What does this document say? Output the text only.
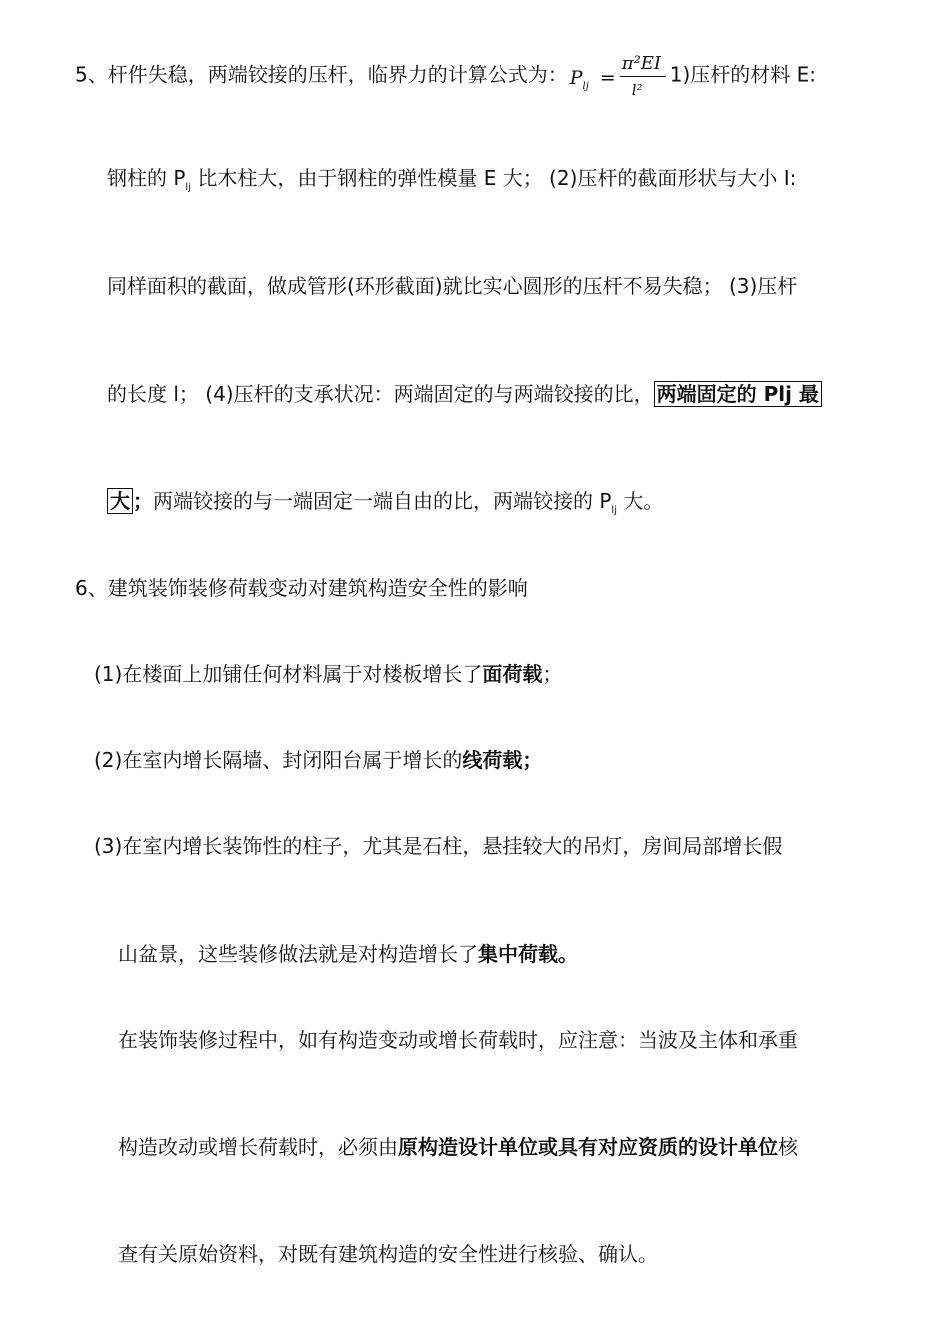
5、杆件失稳，两端铰接的压杆，临界力的计算公式为： $P_{lj}$ =
π²EI
l²
1)压杆的材料 E:
钢柱的 $P_{lj}$ 比木柱大，由于钢柱的弹性模量 E 大； (2)压杆的截面形状与大小 I:
同样面积的截面，做成管形(环形截面)就比实心圆形的压杆不易失稳； (3)压杆
的长度 l； (4)压杆的支承状况：两端固定的与两端铰接的比， 两端固定的 Plj 最
大 ；两端铰接的与一端固定一端自由的比，两端铰接的 $P_{lj}$ 大。
6、建筑装饰装修荷载变动对建筑构造安全性的影响
(1)在楼面上加铺任何材料属于对楼板增长了面荷载；
(2)在室内增长隔墙、封闭阳台属于增长的线荷载；
(3)在室内增长装饰性的柱子，尤其是石柱，悬挂较大的吊灯，房间局部增长假
山盆景，这些装修做法就是对构造增长了集中荷载。
在装饰装修过程中，如有构造变动或增长荷载时，应注意：当波及主体和承重
构造改动或增长荷载时，必须由原构造设计单位或具有对应资质的设计单位核
查有关原始资料，对既有建筑构造的安全性进行核验、确认。
